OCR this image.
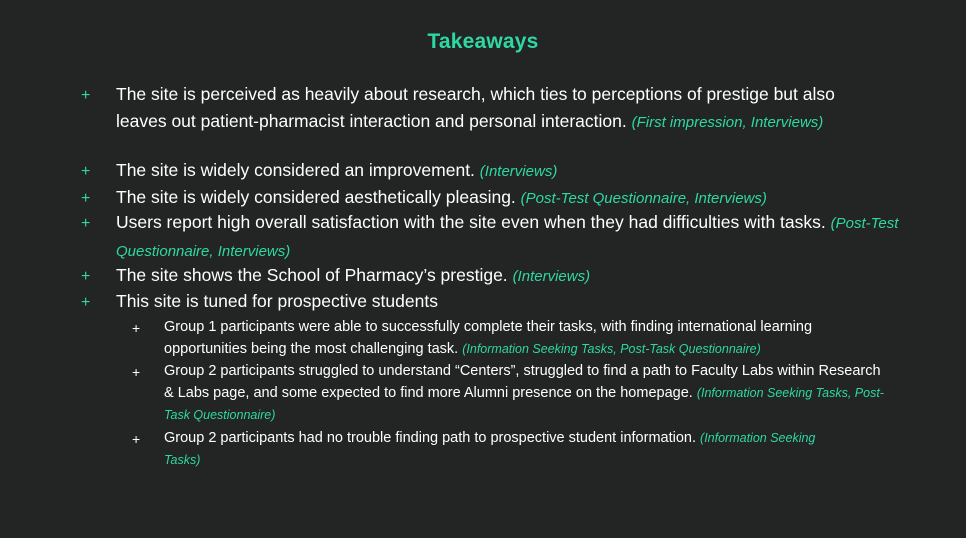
Takeaways
+ The site is perceived as heavily about research, which ties to perceptions of prestige but also leaves out patient-pharmacist interaction and personal interaction. (First impression, Interviews)
+ The site is widely considered an improvement. (Interviews)
+ The site is widely considered aesthetically pleasing. (Post-Test Questionnaire, Interviews)
+ Users report high overall satisfaction with the site even when they had difficulties with tasks. (Post-Test Questionnaire, Interviews)
+ The site shows the School of Pharmacy’s prestige. (Interviews)
+ This site is tuned for prospective students
+ Group 1 participants were able to successfully complete their tasks, with finding international learning opportunities being the most challenging task. (Information Seeking Tasks, Post-Task Questionnaire)
+ Group 2 participants struggled to understand “Centers”, struggled to find a path to Faculty Labs within Research & Labs page, and some expected to find more Alumni presence on the homepage. (Information Seeking Tasks, Post-Task Questionnaire)
+ Group 2 participants had no trouble finding path to prospective student information. (Information Seeking Tasks)
